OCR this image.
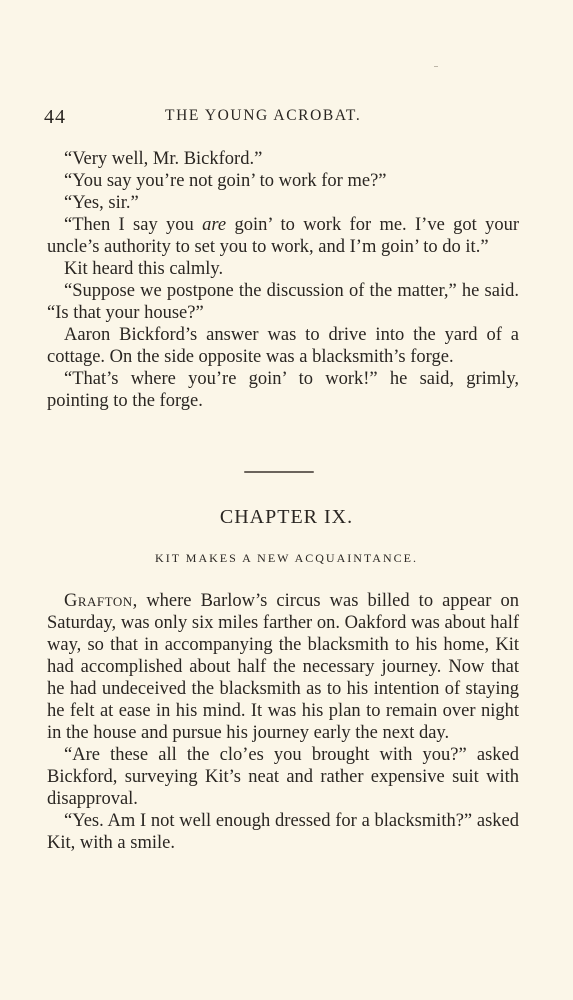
44	THE YOUNG ACROBAT.

“Very well, Mr. Bickford.”

“You say you’re not goin’ to work for me?”

“Yes, sir.”

“Then I say you are goin’ to work for me. I’ve got your uncle’s authority to set you to work, and I’m goin’ to do it.”

Kit heard this calmly.

“Suppose we postpone the discussion of the matter,” he said. “Is that your house?”

Aaron Bickford’s answer was to drive into the yard of a cottage. On the side opposite was a blacksmith’s forge.

“That’s where you’re goin’ to work!” he said, grimly, pointing to the forge.

CHAPTER IX.
KIT MAKES A NEW ACQUAINTANCE.

Grafton, where Barlow’s circus was billed to appear on Saturday, was only six miles farther on. Oakford was about half way, so that in accompanying the blacksmith to his home, Kit had accomplished about half the necessary journey. Now that he had undeceived the blacksmith as to his intention of staying he felt at ease in his mind. It was his plan to remain over night in the house and pursue his journey early the next day.

“Are these all the clo’es you brought with you?” asked Bickford, surveying Kit’s neat and rather expensive suit with disapproval.

“Yes. Am I not well enough dressed for a blacksmith?” asked Kit, with a smile.
